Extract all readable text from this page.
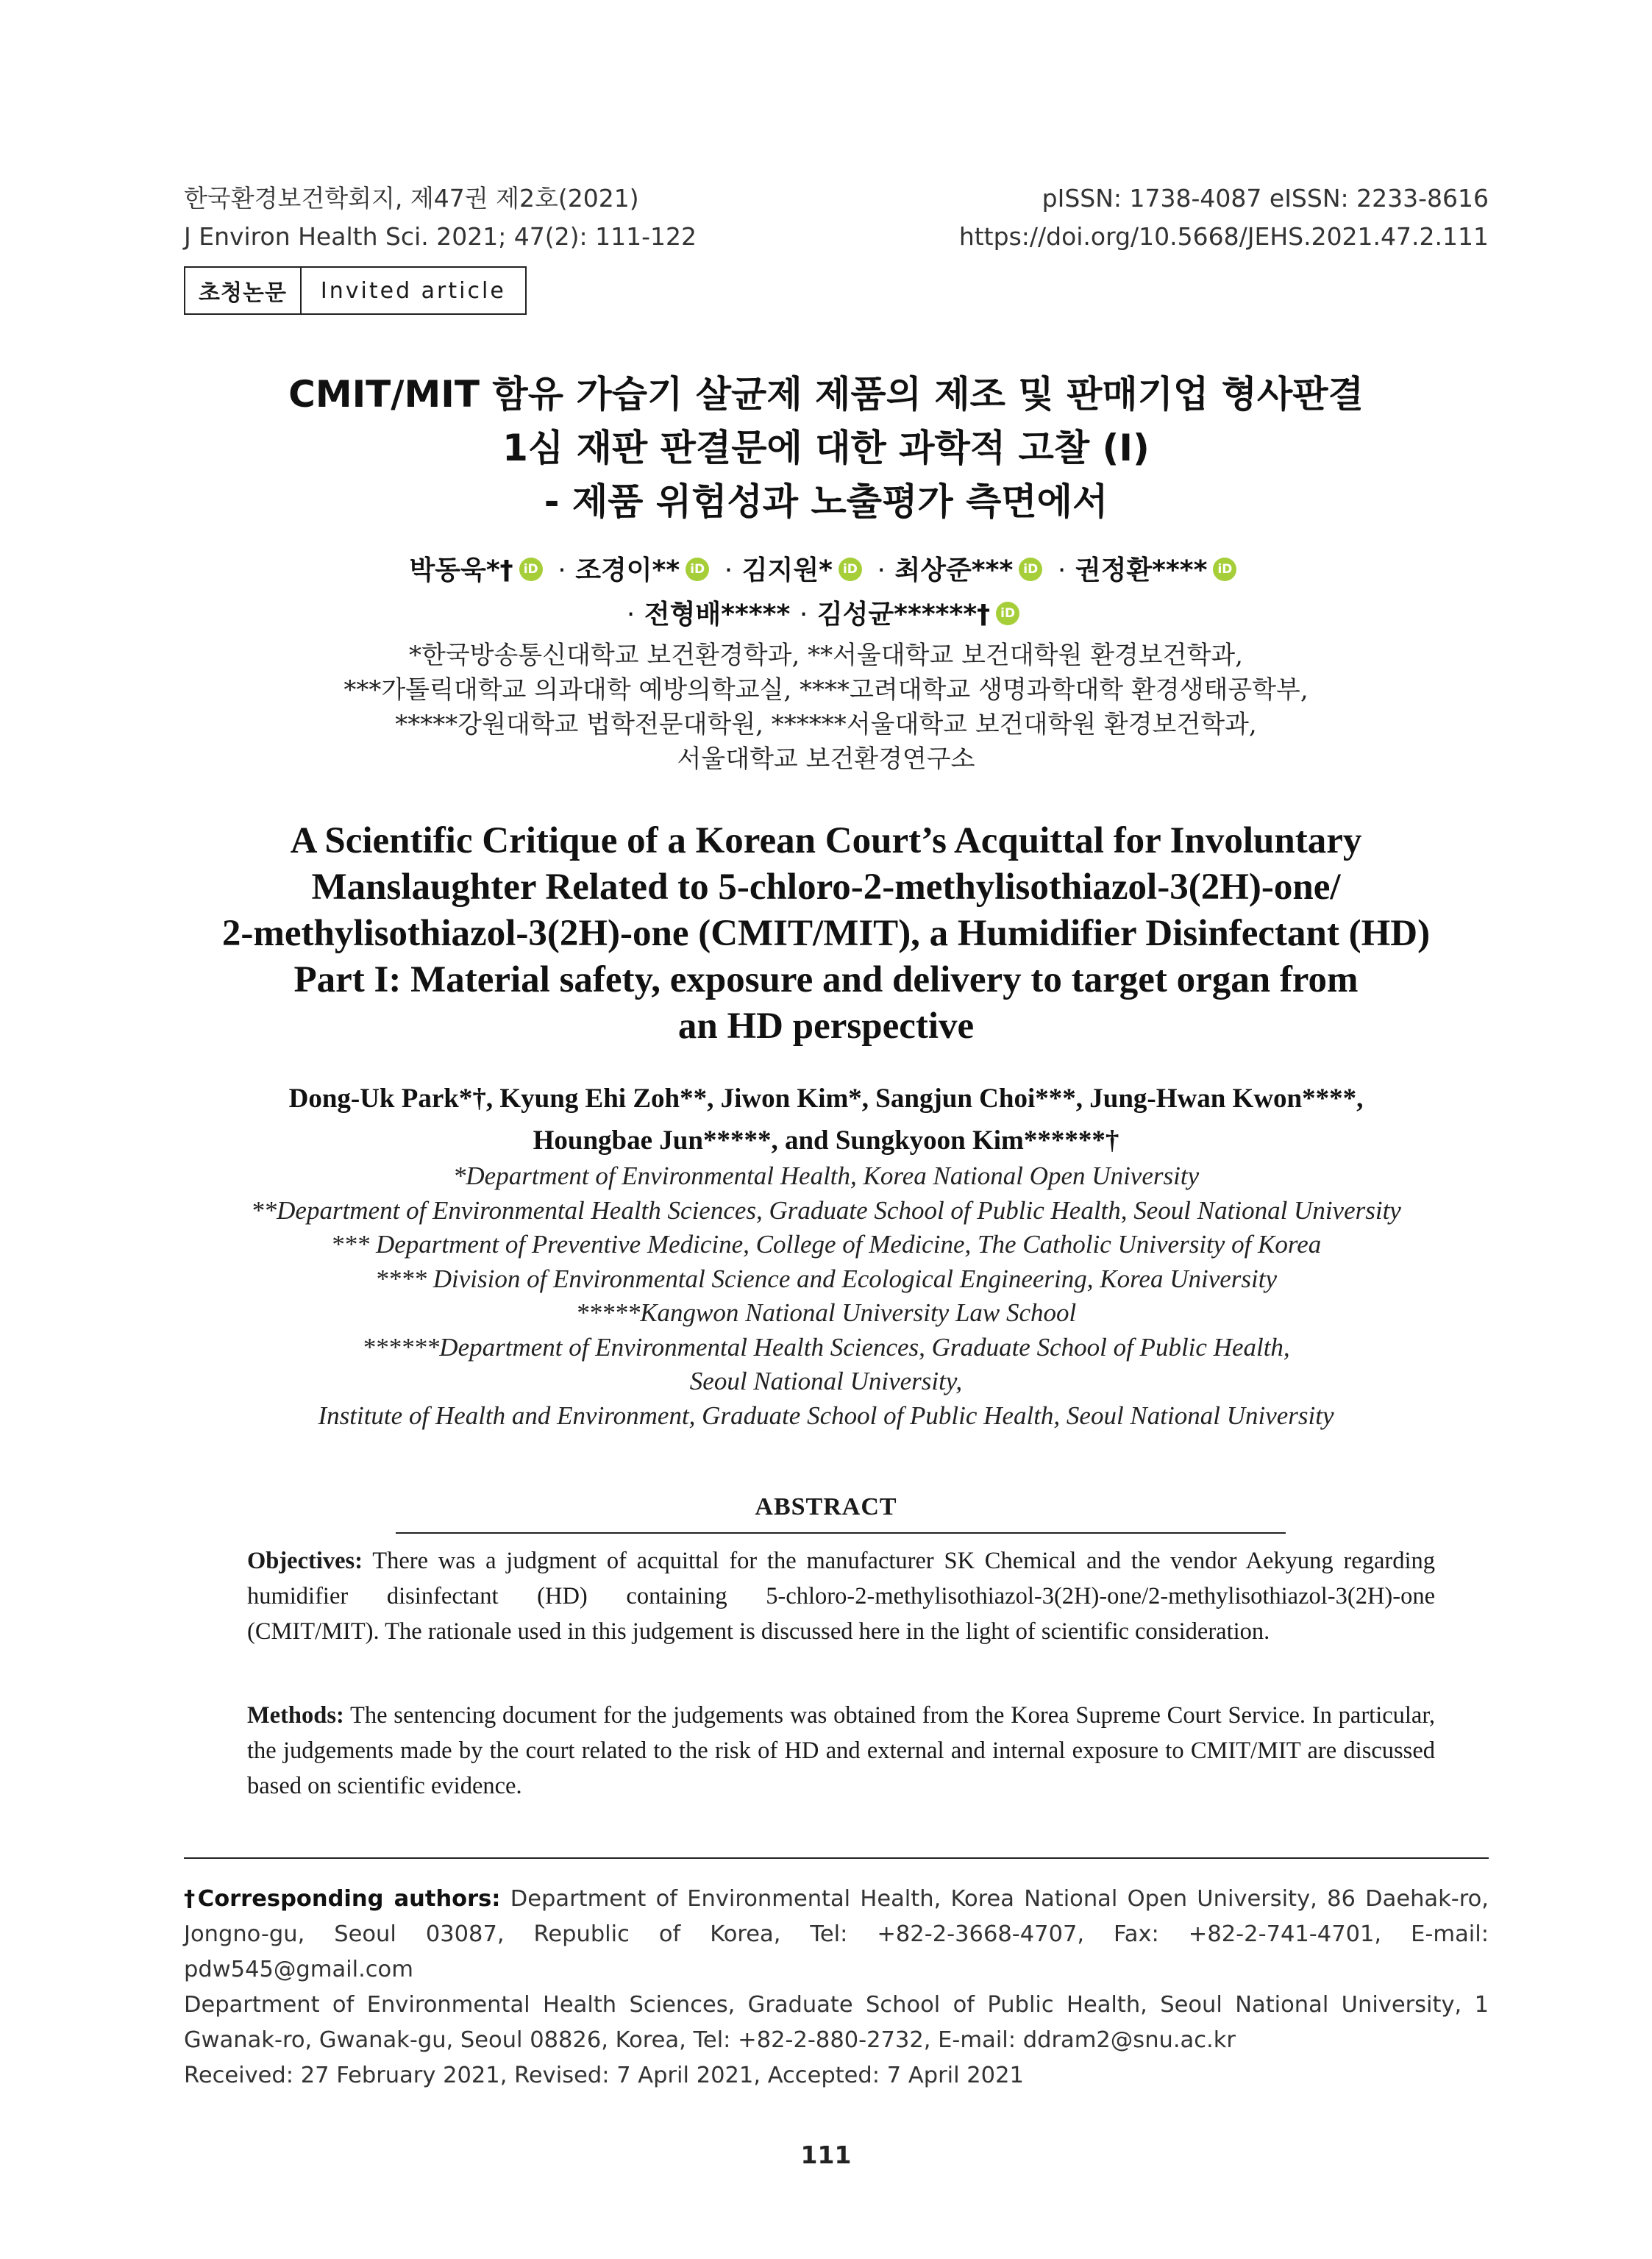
한국환경보건학회지, 제47권 제2호(2021)
J Environ Health Sci. 2021; 47(2): 111-122
pISSN: 1738-4087 eISSN: 2233-8616
https://doi.org/10.5668/JEHS.2021.47.2.111
초청논문	Invited article
CMIT/MIT 함유 가습기 살균제 제품의 제조 및 판매기업 형사판결
1심 재판 판결문에 대한 과학적 고찰 (I)
- 제품 위험성과 노출평가 측면에서
박동욱*† iD · 조경이** iD · 김지원* iD · 최상준*** iD · 권정환**** iD
· 전형배***** · 김성균******† iD
*한국방송통신대학교 보건환경학과, **서울대학교 보건대학원 환경보건학과,
***가톨릭대학교 의과대학 예방의학교실, ****고려대학교 생명과학대학 환경생태공학부,
*****강원대학교 법학전문대학원, ******서울대학교 보건대학원 환경보건학과,
서울대학교 보건환경연구소
A Scientific Critique of a Korean Court’s Acquittal for Involuntary
Manslaughter Related to 5-chloro-2-methylisothiazol-3(2H)-one/
2-methylisothiazol-3(2H)-one (CMIT/MIT), a Humidifier Disinfectant (HD)
Part I: Material safety, exposure and delivery to target organ from
an HD perspective
Dong-Uk Park*†, Kyung Ehi Zoh**, Jiwon Kim*, Sangjun Choi***, Jung-Hwan Kwon****,
Houngbae Jun*****, and Sungkyoon Kim******†
*Department of Environmental Health, Korea National Open University
**Department of Environmental Health Sciences, Graduate School of Public Health, Seoul National University
*** Department of Preventive Medicine, College of Medicine, The Catholic University of Korea
**** Division of Environmental Science and Ecological Engineering, Korea University
*****Kangwon National University Law School
******Department of Environmental Health Sciences, Graduate School of Public Health,
Seoul National University,
Institute of Health and Environment, Graduate School of Public Health, Seoul National University
ABSTRACT
Objectives: There was a judgment of acquittal for the manufacturer SK Chemical and the vendor Aekyung regarding humidifier disinfectant (HD) containing 5-chloro-2-methylisothiazol-3(2H)-one/2-methylisothiazol-3(2H)-one (CMIT/MIT). The rationale used in this judgement is discussed here in the light of scientific consideration.
Methods: The sentencing document for the judgements was obtained from the Korea Supreme Court Service. In particular, the judgements made by the court related to the risk of HD and external and internal exposure to CMIT/MIT are discussed based on scientific evidence.
†Corresponding authors: Department of Environmental Health, Korea National Open University, 86 Daehak-ro, Jongno-gu, Seoul 03087, Republic of Korea, Tel: +82-2-3668-4707, Fax: +82-2-741-4701, E-mail: pdw545@gmail.com
Department of Environmental Health Sciences, Graduate School of Public Health, Seoul National University, 1 Gwanak-ro, Gwanak-gu, Seoul 08826, Korea, Tel: +82-2-880-2732, E-mail: ddram2@snu.ac.kr
Received: 27 February 2021, Revised: 7 April 2021, Accepted: 7 April 2021
111
